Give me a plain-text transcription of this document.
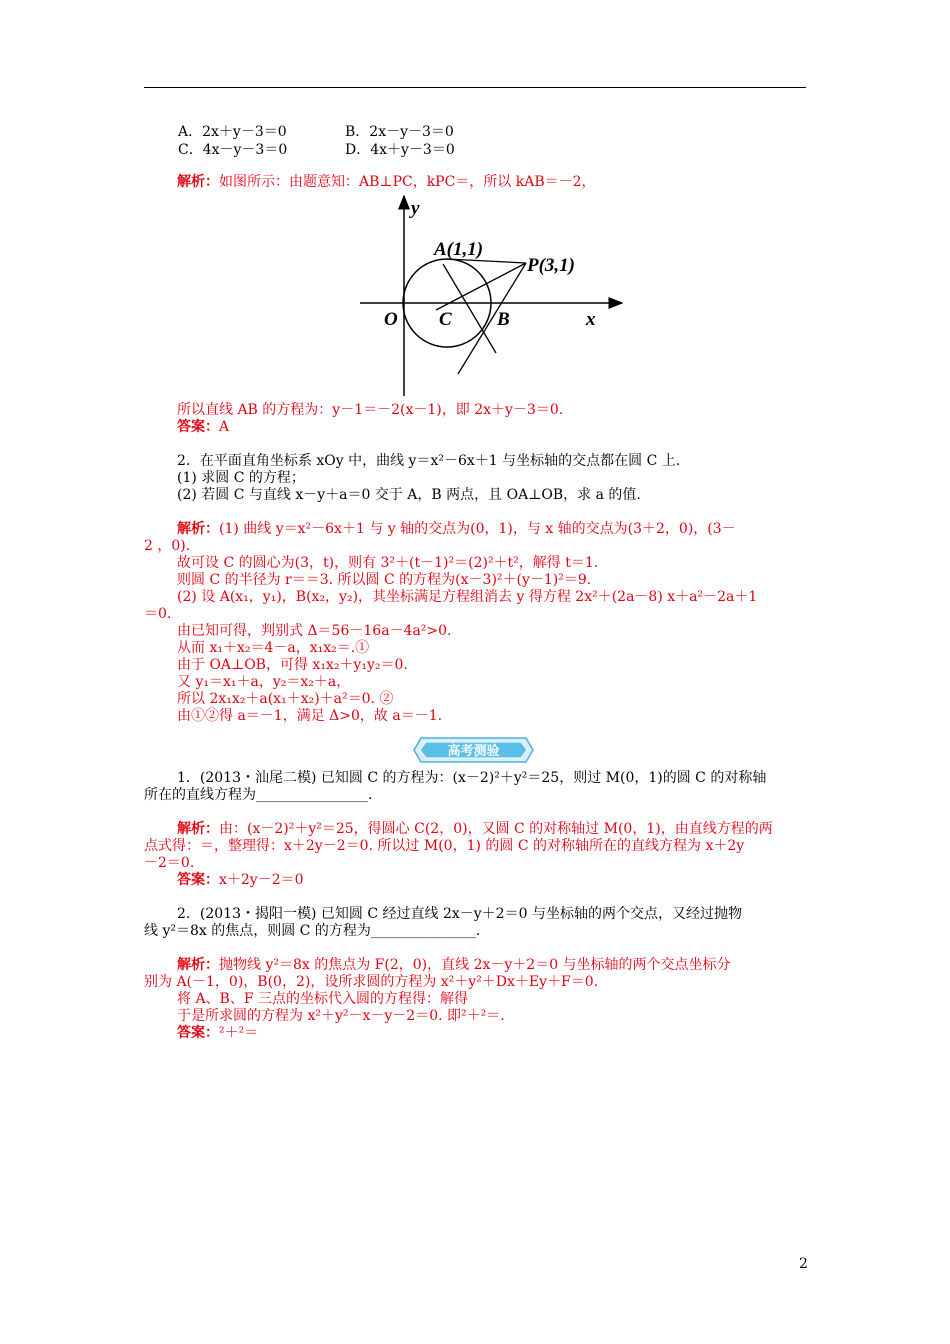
A．2x＋y－3＝0	B．2x－y－3＝0
C．4x－y－3＝0	D．4x＋y－3＝0
解析：如图所示：由题意知：AB⊥PC，kPC＝，所以 kAB＝－2，
y
x
O C B
A(1,1)
P(3,1)
所以直线 AB 的方程为：y－1＝－2(x－1)，即 2x＋y－3＝0.
答案：A
2．在平面直角坐标系 xOy 中，曲线 y＝x²－6x＋1 与坐标轴的交点都在圆 C 上.
(1) 求圆 C 的方程；
(2) 若圆 C 与直线 x－y＋a＝0 交于 A，B 两点，且 OA⊥OB，求 a 的值.
解析：(1) 曲线 y＝x²－6x＋1 与 y 轴的交点为(0，1)，与 x 轴的交点为(3＋2，0)，(3－
2 ，0).
故可设 C 的圆心为(3，t)，则有 3²＋(t－1)²＝(2)²＋t²，解得 t＝1.
则圆 C 的半径为 r＝＝3. 所以圆 C 的方程为(x－3)²＋(y－1)²＝9.
(2) 设 A(x₁，y₁)，B(x₂，y₂)，其坐标满足方程组消去 y 得方程 2x²＋(2a－8) x＋a²－2a＋1
＝0.
由已知可得，判别式 Δ＝56－16a－4a²>0.
从而 x₁＋x₂＝4－a，x₁x₂＝.①
由于 OA⊥OB，可得 x₁x₂＋y₁y₂＝0.
又 y₁＝x₁＋a，y₂＝x₂＋a，
所以 2x₁x₂＋a(x₁＋x₂)＋a²＝0. ②
由①②得 a＝－1，满足 Δ>0，故 a＝－1.
高考测验
1．(2013・汕尾二模) 已知圆 C 的方程为：(x－2)²＋y²＝25，则过 M(0，1)的圆 C 的对称轴
所在的直线方程为________________.
解析：由：(x－2)²＋y²＝25，得圆心 C(2，0)，又圆 C 的对称轴过 M(0，1)，由直线方程的两
点式得：＝，整理得：x＋2y－2＝0. 所以过 M(0，1) 的圆 C 的对称轴所在的直线方程为 x＋2y
－2＝0.
答案：x＋2y－2＝0
2．(2013・揭阳一模) 已知圆 C 经过直线 2x－y＋2＝0 与坐标轴的两个交点，又经过抛物
线 y²＝8x 的焦点，则圆 C 的方程为_______________.
解析：抛物线 y²＝8x 的焦点为 F(2，0)，直线 2x－y＋2＝0 与坐标轴的两个交点坐标分
别为 A(－1，0)，B(0，2)，设所求圆的方程为 x²＋y²＋Dx＋Ey＋F＝0.
将 A、B、F 三点的坐标代入圆的方程得：解得
于是所求圆的方程为 x²＋y²－x－y－2＝0. 即²＋²＝.
答案：²＋²＝
2
